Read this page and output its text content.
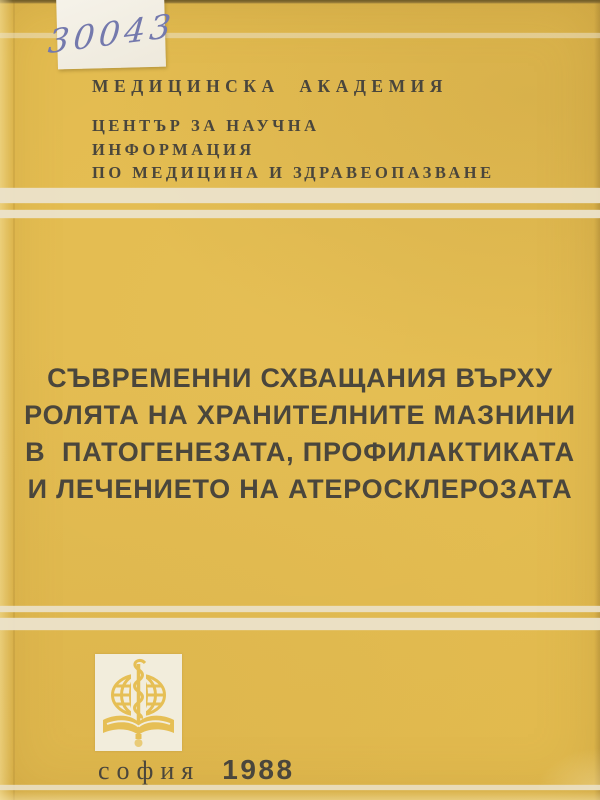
30043
МЕДИЦИНСКА  АКАДЕМИЯ
ЦЕНТЪР ЗА НАУЧНА
ИНФОРМАЦИЯ
ПО МЕДИЦИНА И ЗДРАВЕОПАЗВАНЕ
СЪВРЕМЕННИ СХВАЩАНИЯ ВЪРХУ
РОЛЯТА НА ХРАНИТЕЛНИТЕ МАЗНИНИ
В  ПАТОГЕНЕЗАТА, ПРОФИЛАКТИКАТА
И ЛЕЧЕНИЕТО НА АТЕРОСКЛЕРОЗАТА
софия 1988
